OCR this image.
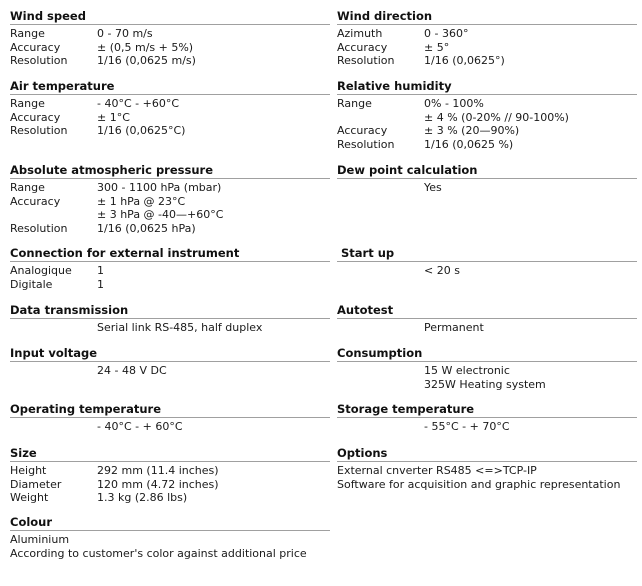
Wind speed
Range	0 - 70 m/s
Accuracy	± (0,5 m/s + 5%)
Resolution	1/16 (0,0625 m/s)
Wind direction
Azimuth	0 - 360°
Accuracy	± 5°
Resolution	1/16 (0,0625°)
Air temperature
Range	- 40°C - +60°C
Accuracy	± 1°C
Resolution	1/16 (0,0625°C)
Relative humidity
Range	0% - 100%
± 4 % (0-20% // 90-100%)
Accuracy	± 3 % (20—90%)
Resolution	1/16 (0,0625 %)
Absolute atmospheric pressure
Range	300 - 1100 hPa (mbar)
Accuracy	± 1 hPa @ 23°C
± 3 hPa @ -40—+60°C
Resolution	1/16 (0,0625 hPa)
Dew point calculation
Yes
Connection for external instrument
Analogique	1
Digitale	1
Start up
< 20 s
Data transmission
Serial link RS-485, half duplex
Autotest
Permanent
Input voltage
24 - 48 V DC
Consumption
15 W electronic
325W Heating system
Operating temperature
- 40°C - + 60°C
Storage temperature
- 55°C - + 70°C
Size
Height	292 mm (11.4 inches)
Diameter	120 mm (4.72 inches)
Weight	1.3 kg (2.86 lbs)
Options
External cnverter RS485 <=>TCP-IP
Software for acquisition and graphic representation
Colour
Aluminium
According to customer's color against additional price
